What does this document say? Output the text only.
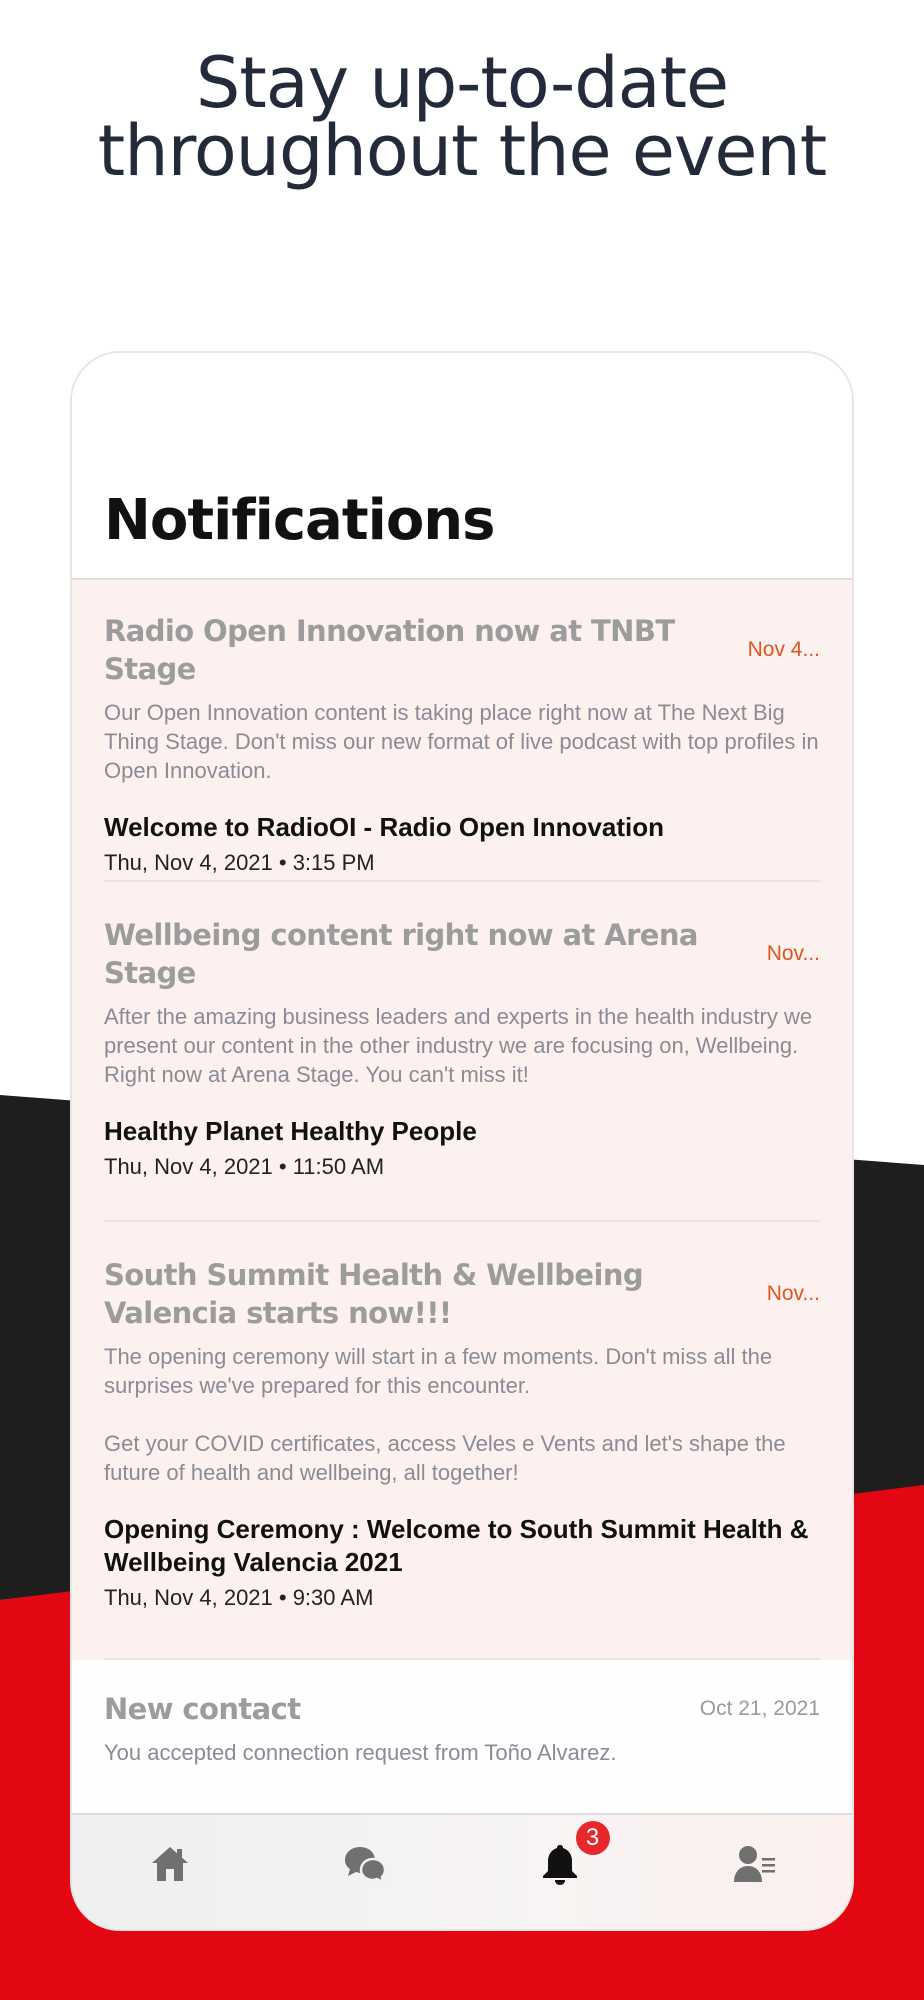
Stay up-to-date
throughout the event
Notifications
Radio Open Innovation now at TNBT Stage
Nov 4...
Our Open Innovation content is taking place right now at The Next Big Thing Stage. Don't miss our new format of live podcast with top profiles in Open Innovation.
Welcome to RadioOI - Radio Open Innovation
Thu, Nov 4, 2021 • 3:15 PM
Wellbeing content right now at Arena Stage
Nov...
After the amazing business leaders and experts in the health industry we present our content in the other industry we are focusing on, Wellbeing. Right now at Arena Stage. You can't miss it!
Healthy Planet Healthy People
Thu, Nov 4, 2021 • 11:50 AM
South Summit Health & Wellbeing Valencia starts now!!!
Nov...
The opening ceremony will start in a few moments. Don't miss all the surprises we've prepared for this encounter.

Get your COVID certificates, access Veles e Vents and let's shape the future of health and wellbeing, all together!
Opening Ceremony : Welcome to South Summit Health & Wellbeing Valencia 2021
Thu, Nov 4, 2021 • 9:30 AM
New contact	Oct 21, 2021
You accepted connection request from Toño Alvarez.
3
